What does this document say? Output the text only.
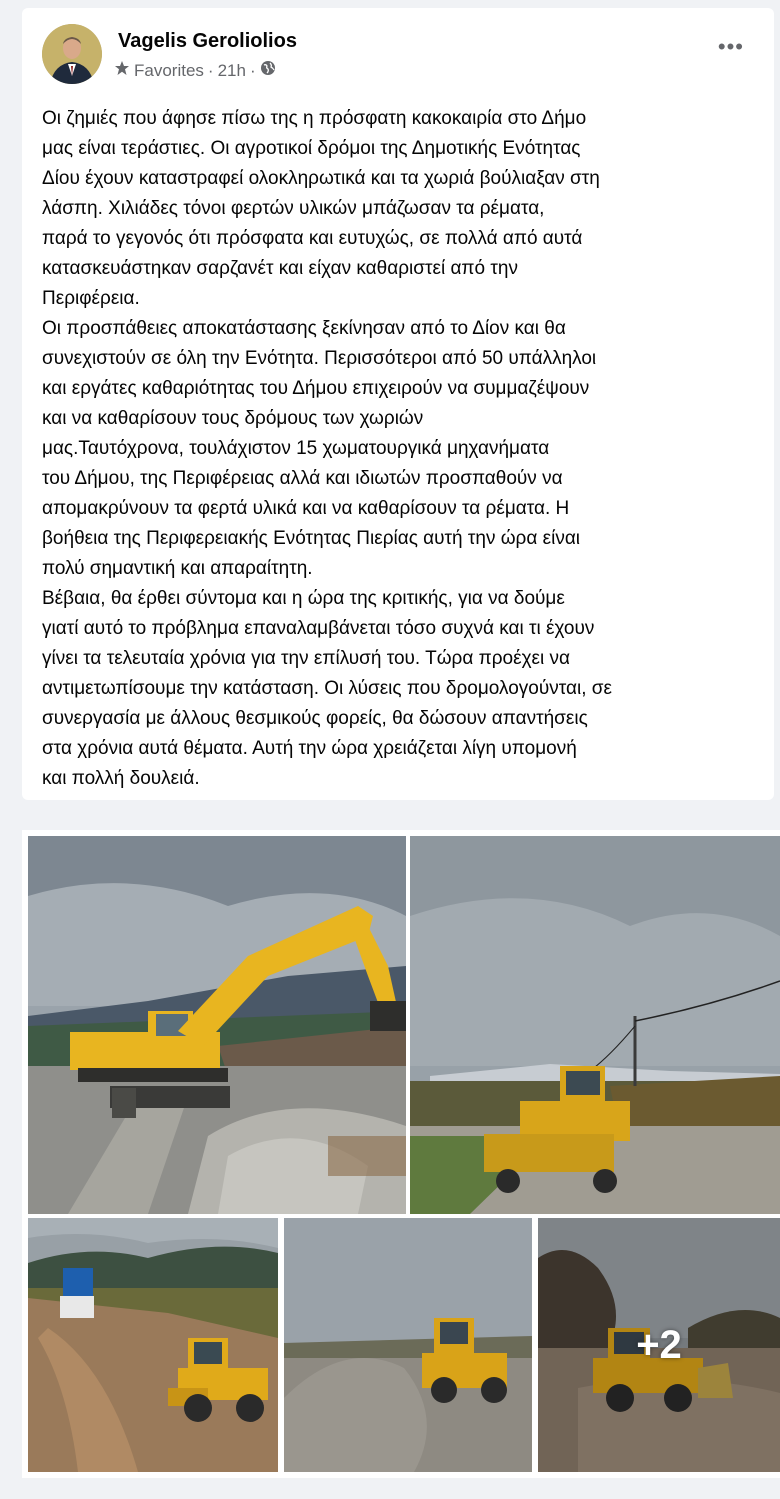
Vagelis Geroliolios
Favorites · 21h ·
•••

Οι ζημιές που άφησε πίσω της η πρόσφατη κακοκαιρία στο Δήμο

μας είναι τεράστιες. Οι αγροτικοί δρόμοι της Δημοτικής Ενότητας

Δίου έχουν καταστραφεί ολοκληρωτικά και τα χωριά βούλιαξαν στη

λάσπη. Χιλιάδες τόνοι φερτών υλικών μπάζωσαν τα ρέματα,

παρά το γεγονός ότι πρόσφατα και ευτυχώς, σε πολλά από αυτά

κατασκευάστηκαν σαρζανέτ και είχαν καθαριστεί από την

Περιφέρεια.

Οι προσπάθειες αποκατάστασης ξεκίνησαν από το Δίον και θα

συνεχιστούν σε όλη την Ενότητα. Περισσότεροι από 50 υπάλληλοι

και εργάτες καθαριότητας του Δήμου επιχειρούν να συμμαζέψουν

και να καθαρίσουν τους δρόμους των χωριών

μας.Ταυτόχρονα, τουλάχιστον 15 χωματουργικά μηχανήματα

του Δήμου, της Περιφέρειας αλλά και ιδιωτών προσπαθούν να

απομακρύνουν τα φερτά υλικά και να καθαρίσουν τα ρέματα. Η

βοήθεια της Περιφερειακής Ενότητας Πιερίας αυτή την ώρα είναι

πολύ σημαντική και απαραίτητη.

Βέβαια, θα έρθει σύντομα και η ώρα της κριτικής, για να δούμε

γιατί αυτό το πρόβλημα επαναλαμβάνεται τόσο συχνά και τι έχουν

γίνει τα τελευταία χρόνια για την επίλυσή του. Τώρα προέχει να

αντιμετωπίσουμε την κατάσταση. Οι λύσεις που δρομολογούνται, σε

συνεργασία με άλλους θεσμικούς φορείς, θα δώσουν απαντήσεις

στα χρόνια αυτά θέματα. Αυτή την ώρα χρειάζεται λίγη υπομονή

και πολλή δουλειά.

+2
